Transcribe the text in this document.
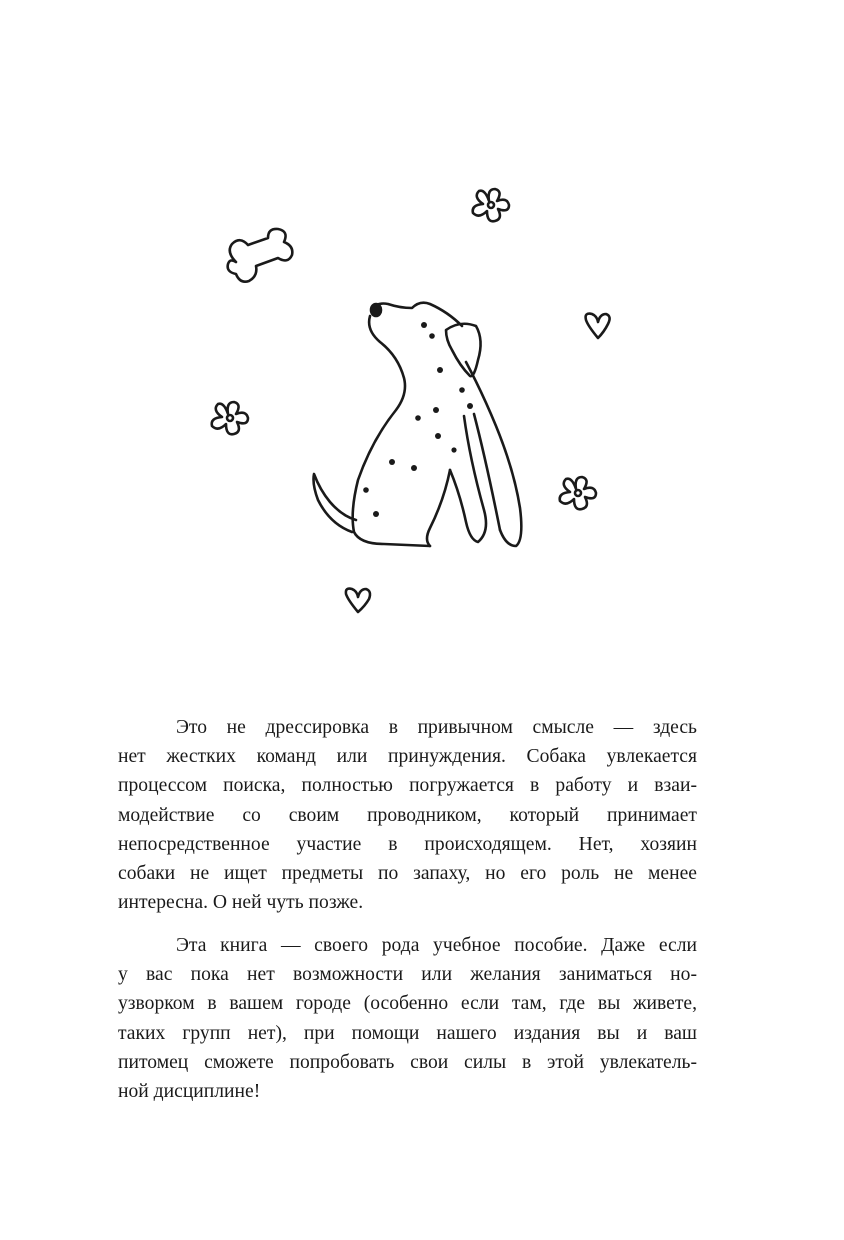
Это не дрессировка в привычном смысле — здесь
нет жестких команд или принуждения. Собака увлекается
процессом поиска, полностью погружается в работу и взаи-
модействие со своим проводником, который принимает
непосредственное участие в происходящем. Нет, хозяин
собаки не ищет предметы по запаху, но его роль не менее
интересна. О ней чуть позже.

Эта книга — своего рода учебное пособие. Даже если
у вас пока нет возможности или желания заниматься но-
узворком в вашем городе (особенно если там, где вы живете,
таких групп нет), при помощи нашего издания вы и ваш
питомец сможете попробовать свои силы в этой увлекатель-
ной дисциплине!
